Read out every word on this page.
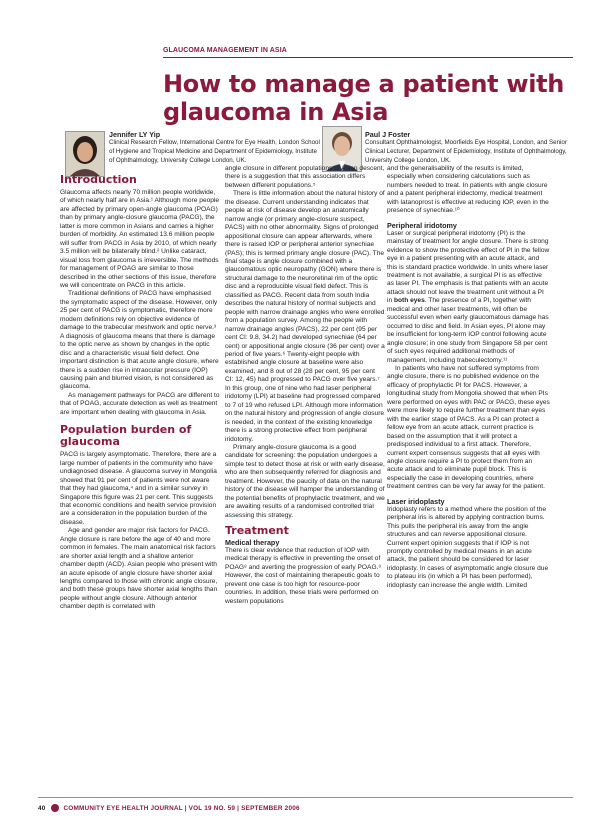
GLAUCOMA MANAGEMENT IN ASIA
How to manage a patient with glaucoma in Asia
Jennifer LY Yip
Clinical Research Fellow, International Centre for Eye Health, London School of Hygiene and Tropical Medicine and Department of Epidemiology, Institute of Ophthalmology, University College London, UK.
Paul J Foster
Consultant Ophthalmologist, Moorfields Eye Hospital, London, and Senior Clinical Lecturer, Department of Epidemiology, Institute of Ophthalmology, University College London, UK.
Introduction

Glaucoma affects nearly 70 million people worldwide, of which nearly half are in Asia.¹ Although more people are affected by primary open-angle glaucoma (POAG) than by primary angle-closure glaucoma (PACG), the latter is more common in Asians and carries a higher burden of morbidity. An estimated 13.6 million people will suffer from PACG in Asia by 2010, of which nearly 3.5 million will be bilaterally blind.² Unlike cataract, visual loss from glaucoma is irreversible. The methods for management of POAG are similar to those described in the other sections of this issue, therefore we will concentrate on PACG in this article.

Traditional definitions of PACG have emphasised the symptomatic aspect of the disease. However, only 25 per cent of PACG is symptomatic, therefore more modern definitions rely on objective evidence of damage to the trabecular meshwork and optic nerve.³ A diagnosis of glaucoma means that there is damage to the optic nerve as shown by changes in the optic disc and a characteristic visual field defect. One important distinction is that acute angle closure, where there is a sudden rise in intraocular pressure (IOP) causing pain and blurred vision, is not considered as glaucoma.

As management pathways for PACG are different to that of POAG, accurate detection as well as treatment are important when dealing with glaucoma in Asia.

Population burden of glaucoma

PACG is largely asymptomatic. Therefore, there are a large number of patients in the community who have undiagnosed disease. A glaucoma survey in Mongolia showed that 91 per cent of patients were not aware that they had glaucoma,⁴ and in a similar survey in Singapore this figure was 21 per cent. This suggests that economic conditions and health service provision are a consideration in the population burden of the disease.

Age and gender are major risk factors for PACG. Angle closure is rare before the age of 40 and more common in females. The main anatomical risk factors are shorter axial length and a shallow anterior chamber depth (ACD). Asian people who present with an acute episode of angle closure have shorter axial lengths compared to those with chronic angle closure, and both these groups have shorter axial lengths than people without angle closure. Although anterior chamber depth is correlated with

angle closure in different populations of Asian descent, there is a suggestion that this association differs between different populations.⁵

There is little information about the natural history of the disease. Current understanding indicates that people at risk of disease develop an anatomically narrow angle (or primary angle-closure suspect, PACS) with no other abnormality. Signs of prolonged appositional closure can appear afterwards, where there is raised IOP or peripheral anterior synechiae (PAS); this is termed primary angle closure (PAC). The final stage is angle closure combined with a glaucomatous optic neuropathy (GON) where there is structural damage to the neuroretinal rim of the optic disc and a reproducible visual field defect. This is classified as PACG. Recent data from south India describes the natural history of normal subjects and people with narrow drainage angles who were enrolled from a population survey. Among the people with narrow drainage angles (PACS), 22 per cent (95 per cent CI: 9.8, 34.2) had developed synechiae (64 per cent) or appositional angle closure (36 per cent) over a period of five years.⁶ Twenty-eight people with established angle closure at baseline were also examined, and 8 out of 28 (28 per cent, 95 per cent CI: 12, 45) had progressed to PACG over five years.⁷ In this group, one of nine who had laser peripheral iridotomy (LPI) at baseline had progressed compared to 7 of 19 who refused LPI. Although more information on the natural history and progression of angle closure is needed, in the context of the existing knowledge there is a strong protective effect from peripheral iridotomy.

Primary angle-closure glaucoma is a good candidate for screening: the population undergoes a simple test to detect those at risk or with early disease, who are then subsequently referred for diagnosis and treatment. However, the paucity of data on the natural history of the disease will hamper the understanding of the potential benefits of prophylactic treatment, and we are awaiting results of a randomised controlled trial assessing this strategy.

Treatment
Medical therapy

There is clear evidence that reduction of IOP with medical therapy is effective in preventing the onset of POAG⁸ and averting the progression of early POAG.⁹ However, the cost of maintaining therapeutic goals to prevent one case is too high for resource-poor countries. In addition, these trials were performed on western populations

and the generalisability of the results is limited, especially when considering calculations such as numbers needed to treat. In patients with angle closure and a patent peripheral iridectomy, medical treatment with latanoprost is effective at reducing IOP, even in the presence of synechiae.¹⁰

Peripheral iridotomy

Laser or surgical peripheral iridotomy (PI) is the mainstay of treatment for angle closure. There is strong evidence to show the protective effect of PI in the fellow eye in a patient presenting with an acute attack, and this is standard practice worldwide. In units where laser treatment is not available, a surgical PI is as effective as laser PI. The emphasis is that patients with an acute attack should not leave the treatment unit without a PI in both eyes. The presence of a PI, together with medical and other laser treatments, will often be successful even when early glaucomatous damage has occurred to disc and field. In Asian eyes, PI alone may be insufficient for long-term IOP control following acute angle closure; in one study from Singapore 58 per cent of such eyes required additional methods of management, including trabeculectomy.¹¹

In patients who have not suffered symptoms from angle closure, there is no published evidence on the efficacy of prophylactic PI for PACS. However, a longitudinal study from Mongolia showed that when PIs were performed on eyes with PAC or PACG, these eyes were more likely to require further treatment than eyes with the earlier stage of PACS. As a PI can protect a fellow eye from an acute attack, current practice is based on the assumption that it will protect a predisposed individual to a first attack. Therefore, current expert consensus suggests that all eyes with angle closure require a PI to protect them from an acute attack and to eliminate pupil block. This is especially the case in developing countries, where treatment centres can be very far away for the patient.

Laser iridoplasty

Iridoplasty refers to a method where the position of the peripheral iris is altered by applying contraction burns. This pulls the peripheral iris away from the angle structures and can reverse appositional closure. Current expert opinion suggests that if IOP is not promptly controlled by medical means in an acute attack, the patient should be considered for laser iridoplasty. In cases of asymptomatic angle closure due to plateau iris (in which a PI has been performed), iridoplasty can increase the angle width. Limited

40	COMMUNITY EYE HEALTH JOURNAL | VOL 19 NO. 59 | SEPTEMBER 2006
